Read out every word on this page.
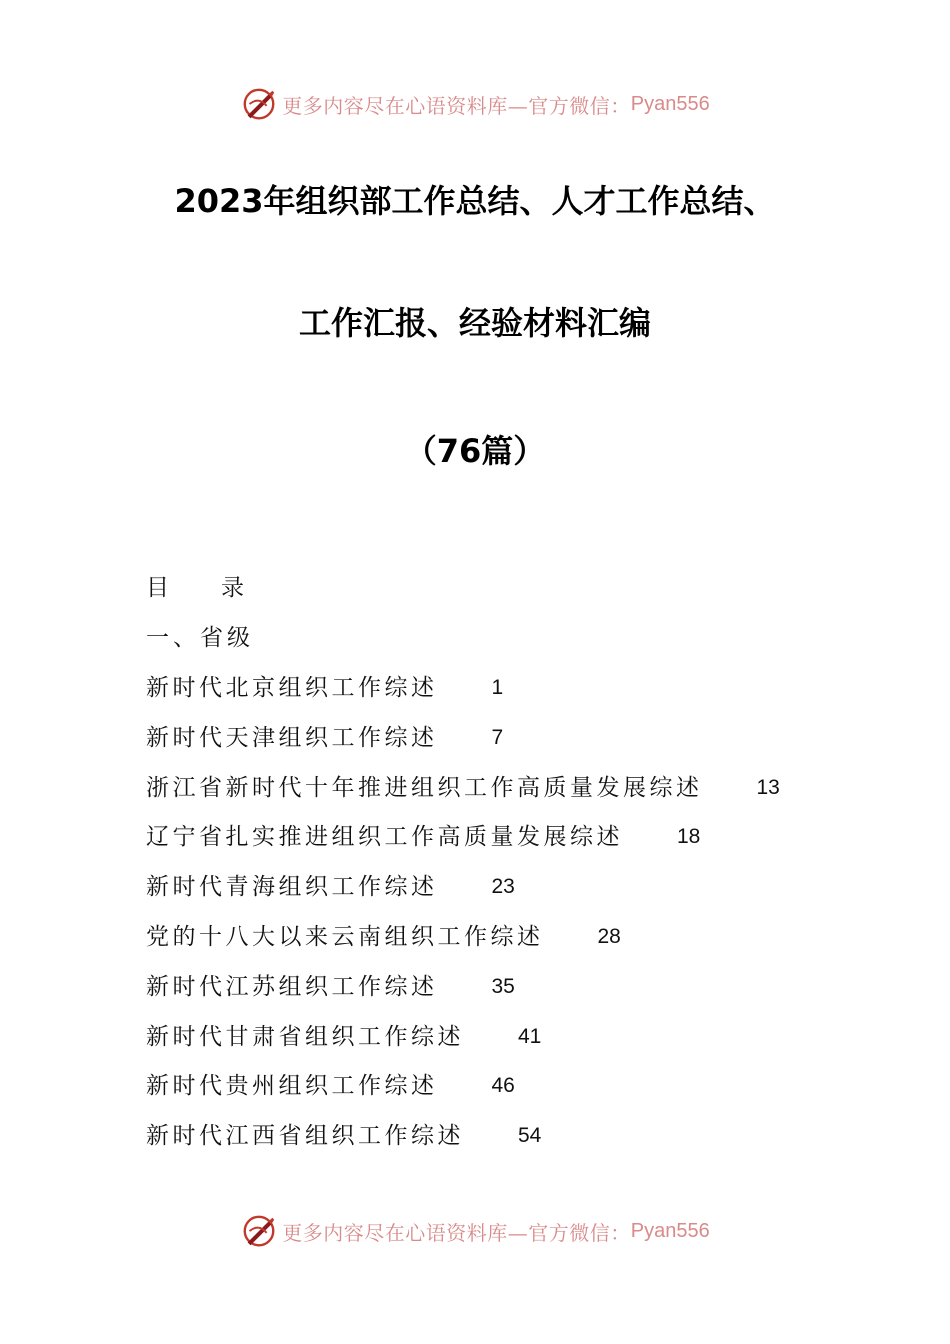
更多内容尽在心语资料库—官方微信： Pyan556
2023年组织部工作总结、人才工作总结、
工作汇报、经验材料汇编
（76篇）
目 录
一、省级
新时代北京组织工作综述	1
新时代天津组织工作综述	7
浙江省新时代十年推进组织工作高质量发展综述	13
辽宁省扎实推进组织工作高质量发展综述	18
新时代青海组织工作综述	23
党的十八大以来云南组织工作综述	28
新时代江苏组织工作综述	35
新时代甘肃省组织工作综述	41
新时代贵州组织工作综述	46
新时代江西省组织工作综述	54
更多内容尽在心语资料库—官方微信： Pyan556
